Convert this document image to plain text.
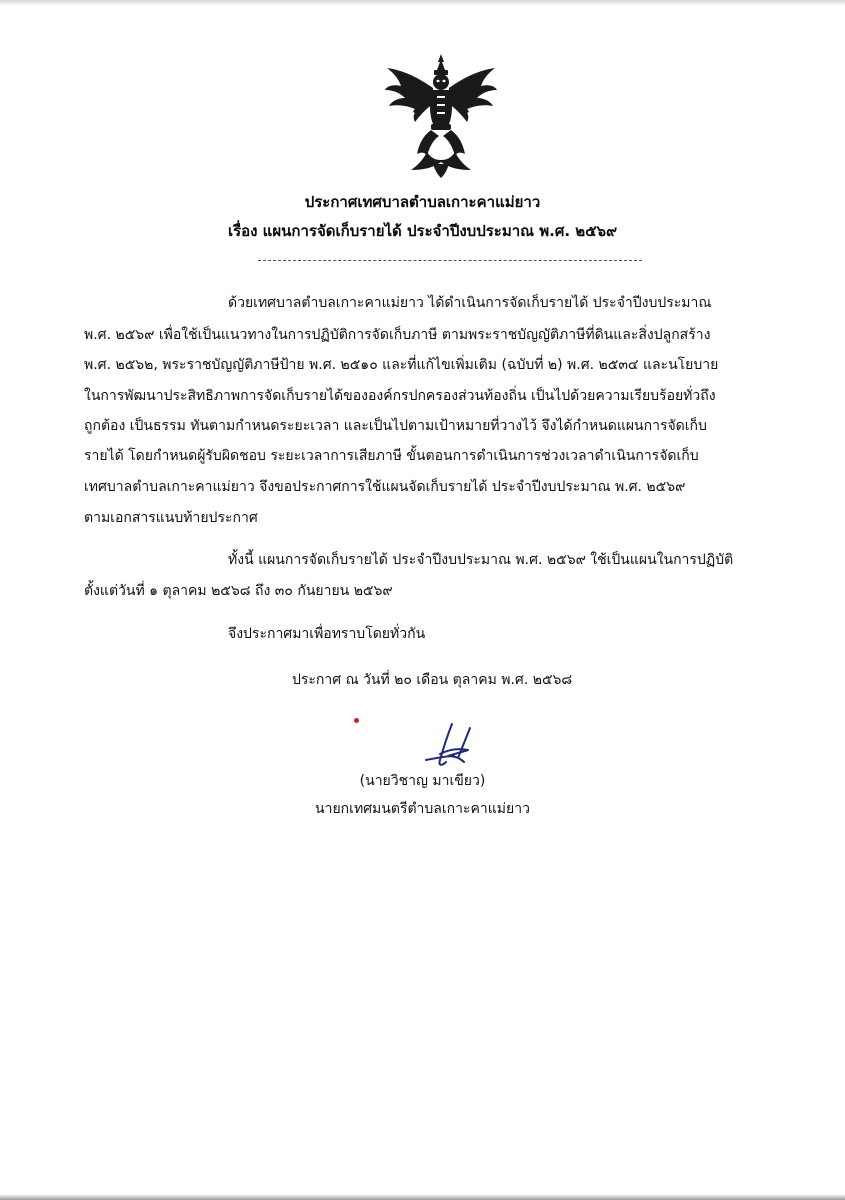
ประกาศเทศบาลตำบลเกาะคาแม่ยาว
เรื่อง แผนการจัดเก็บรายได้ ประจำปีงบประมาณ พ.ศ. ๒๕๖๙
ด้วยเทศบาลตำบลเกาะคาแม่ยาว ได้ดำเนินการจัดเก็บรายได้ ประจำปีงบประมาณ
พ.ศ. ๒๕๖๙ เพื่อใช้เป็นแนวทางในการปฏิบัติการจัดเก็บภาษี ตามพระราชบัญญัติภาษีที่ดินและสิ่งปลูกสร้าง
พ.ศ. ๒๕๖๒, พระราชบัญญัติภาษีป้าย พ.ศ. ๒๕๑๐ และที่แก้ไขเพิ่มเติม (ฉบับที่ ๒) พ.ศ. ๒๕๓๔ และนโยบาย
ในการพัฒนาประสิทธิภาพการจัดเก็บรายได้ขององค์กรปกครองส่วนท้องถิ่น เป็นไปด้วยความเรียบร้อยทั่วถึง
ถูกต้อง เป็นธรรม ทันตามกำหนดระยะเวลา และเป็นไปตามเป้าหมายที่วางไว้ จึงได้กำหนดแผนการจัดเก็บ
รายได้ โดยกำหนดผู้รับผิดชอบ ระยะเวลาการเสียภาษี ขั้นตอนการดำเนินการช่วงเวลาดำเนินการจัดเก็บ
เทศบาลตำบลเกาะคาแม่ยาว จึงขอประกาศการใช้แผนจัดเก็บรายได้ ประจำปีงบประมาณ พ.ศ. ๒๕๖๙
ตามเอกสารแนบท้ายประกาศ
ทั้งนี้ แผนการจัดเก็บรายได้ ประจำปีงบประมาณ พ.ศ. ๒๕๖๙ ใช้เป็นแผนในการปฏิบัติ
ตั้งแต่วันที่ ๑ ตุลาคม ๒๕๖๘ ถึง ๓๐ กันยายน ๒๕๖๙
จึงประกาศมาเพื่อทราบโดยทั่วกัน
ประกาศ ณ วันที่ ๒๐ เดือน ตุลาคม พ.ศ. ๒๕๖๘
(นายวิชาญ มาเขียว)
นายกเทศมนตรีตำบลเกาะคาแม่ยาว
